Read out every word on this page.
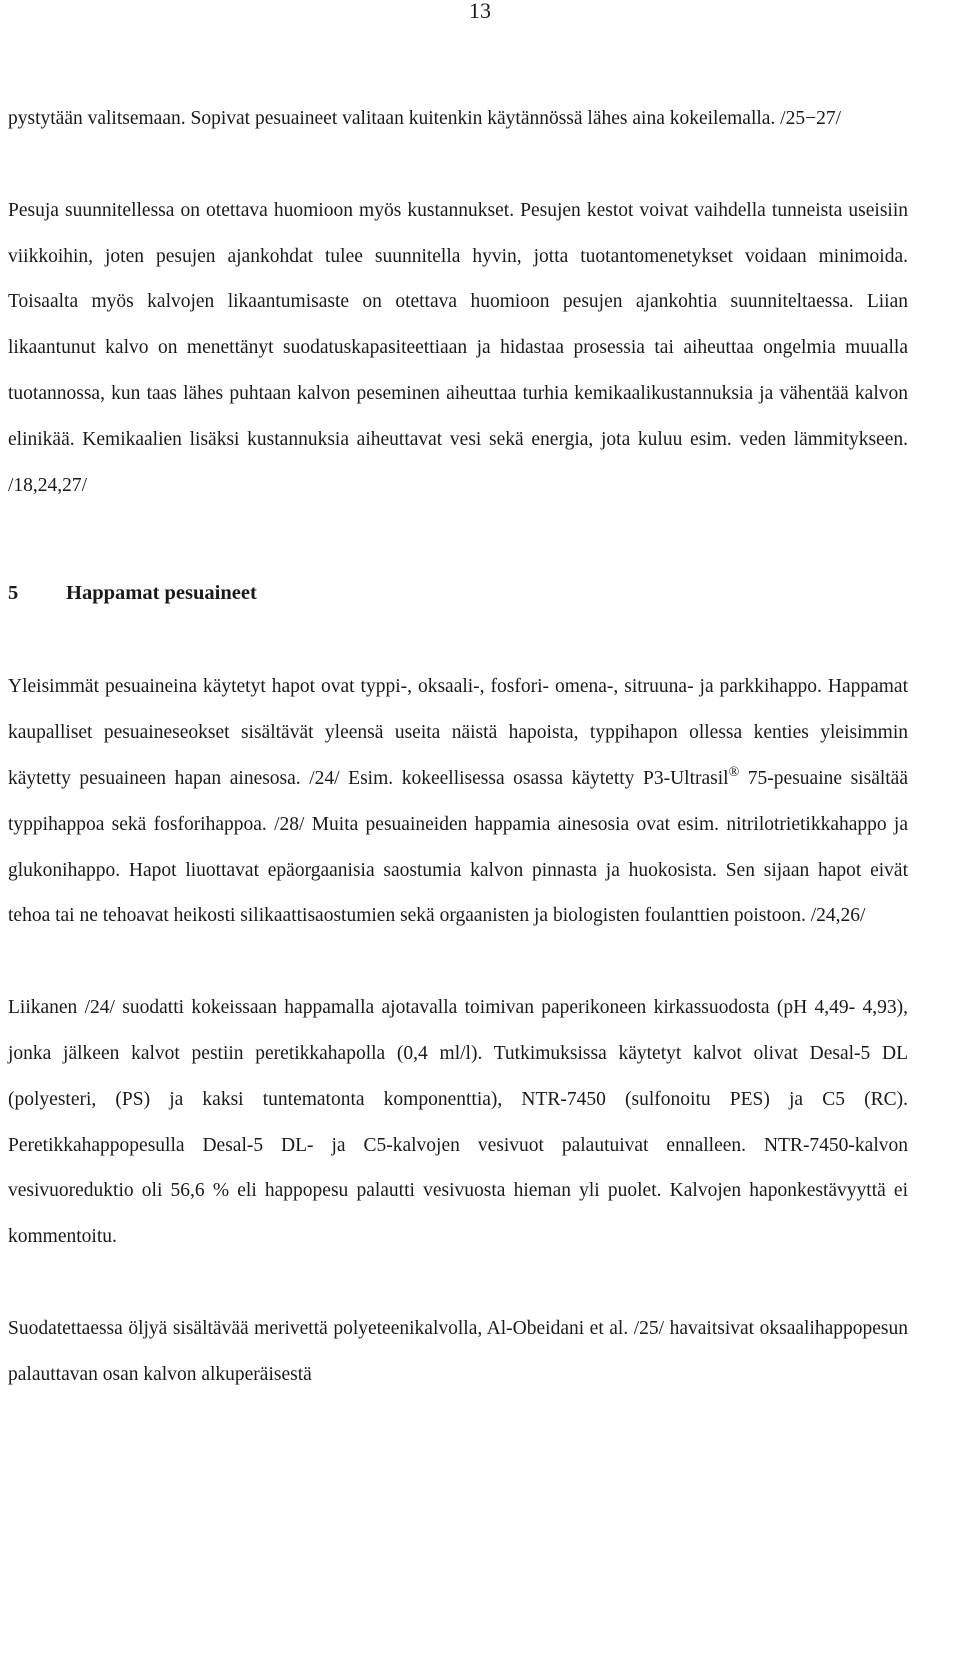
13

pystytään valitsemaan. Sopivat pesuaineet valitaan kuitenkin käytännössä lähes aina kokeilemalla. /25−27/

Pesuja suunnitellessa on otettava huomioon myös kustannukset. Pesujen kestot voivat vaihdella tunneista useisiin viikkoihin, joten pesujen ajankohdat tulee suunnitella hyvin, jotta tuotantomenetykset voidaan minimoida. Toisaalta myös kalvojen likaantumisaste on otettava huomioon pesujen ajankohtia suunniteltaessa. Liian likaantunut kalvo on menettänyt suodatuskapasiteettiaan ja hidastaa prosessia tai aiheuttaa ongelmia muualla tuotannossa, kun taas lähes puhtaan kalvon peseminen aiheuttaa turhia kemikaalikustannuksia ja vähentää kalvon elinikää. Kemikaalien lisäksi kustannuksia aiheuttavat vesi sekä energia, jota kuluu esim. veden lämmitykseen. /18,24,27/

5 Happamat pesuaineet

Yleisimmät pesuaineina käytetyt hapot ovat typpi-, oksaali-, fosfori- omena-, sitruuna- ja parkkihappo. Happamat kaupalliset pesuaineseokset sisältävät yleensä useita näistä hapoista, typpihapon ollessa kenties yleisimmin käytetty pesuaineen hapan ainesosa. /24/ Esim. kokeellisessa osassa käytetty P3-Ultrasil® 75-pesuaine sisältää typpihappoa sekä fosforihappoa. /28/ Muita pesuaineiden happamia ainesosia ovat esim. nitrilotrietikkahappo ja glukonihappo. Hapot liuottavat epäorgaanisia saostumia kalvon pinnasta ja huokosista. Sen sijaan hapot eivät tehoa tai ne tehoavat heikosti silikaattisaostumien sekä orgaanisten ja biologisten foulanttien poistoon. /24,26/

Liikanen /24/ suodatti kokeissaan happamalla ajotavalla toimivan paperikoneen kirkassuodosta (pH 4,49- 4,93), jonka jälkeen kalvot pestiin peretikkahapolla (0,4 ml/l). Tutkimuksissa käytetyt kalvot olivat Desal-5 DL (polyesteri, (PS) ja kaksi tuntematonta komponenttia), NTR-7450 (sulfonoitu PES) ja C5 (RC). Peretikkahappopesulla Desal-5 DL- ja C5-kalvojen vesivuot palautuivat ennalleen. NTR-7450-kalvon vesivuoreduktio oli 56,6 % eli happopesu palautti vesivuosta hieman yli puolet. Kalvojen haponkestävyyttä ei kommentoitu.

Suodatettaessa öljyä sisältävää merivettä polyeteenikalvolla, Al-Obeidani et al. /25/ havaitsivat oksaalihappopesun palauttavan osan kalvon alkuperäisestä
